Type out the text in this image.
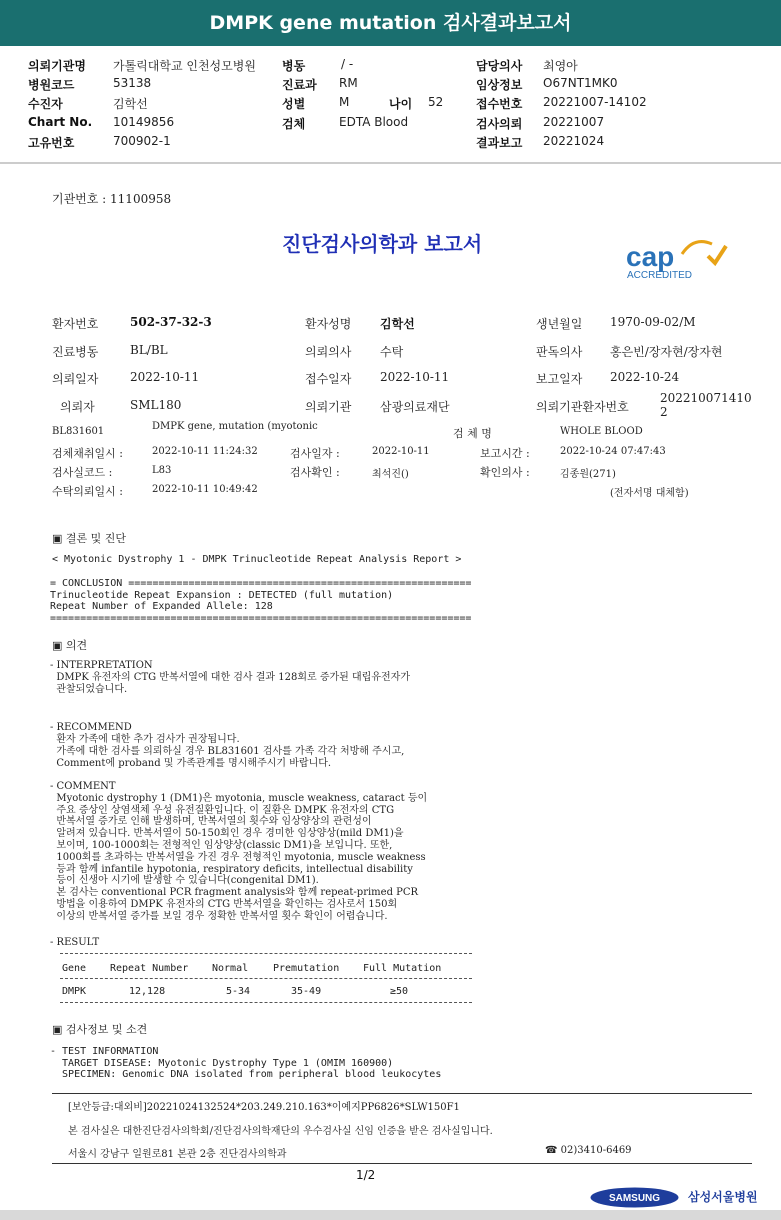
DMPK gene mutation 검사결과보고서
의뢰기관명 가톨릭대학교 인천성모병원
병원코드	53138
수진자	김학선
Chart No. 10149856
고유번호	700902-1
병동	/ -
진료과 RM
성별	M	나이 52
검체	EDTA Blood
담당의사 최영아
임상정보 O67NT1MK0
접수번호 20221007-14102
검사의뢰 20221007
결과보고 20221024
기관번호 : 11100958
진단검사의학과 보고서	cap
ACCREDITED
환자번호	502-37-32-3	환자성명 김학선	생년월일 1970-09-02/M
진료병동	BL/BL	의뢰의사 수탁	판독의사 홍은빈/장자현/장자현
의뢰일자	2022-10-11	접수일자 2022-10-11	보고일자 2022-10-24
의뢰자	SML180	의뢰기관 삼광의료재단	의뢰기관환자번호
202210071410
2
BL831601	DMPK gene, mutation (myotonic
검 체 명	WHOLE BLOOD
검체채취일시 :	2022-10-11 11:24:32	검사일자 :	2022-10-11	보고시간 :	2022-10-24 07:47:43
검사실코드 :	L83	검사확인 :	최석진()	확인의사 :	김종원(271)
수탁의뢰일시 :	2022-10-11 10:49:42	(전자서명 대체함)
▣ 결론 및 진단
< Myotonic Dystrophy 1 - DMPK Trinucleotide Repeat Analysis Report >
= CONCLUSION =========================================================
Trinucleotide Repeat Expansion : DETECTED (full mutation)
Repeat Number of Expanded Allele: 128
======================================================================
▣ 의견
- INTERPRETATION
DMPK 유전자의 CTG 반복서열에 대한 검사 결과 128회로 증가된 대립유전자가
관찰되었습니다.
- RECOMMEND
환자 가족에 대한 추가 검사가 권장됩니다.
가족에 대한 검사를 의뢰하실 경우 BL831601 검사를 가족 각각 처방해 주시고,
Comment에 proband 및 가족관계를 명시해주시기 바랍니다.
- COMMENT
Myotonic dystrophy 1 (DM1)은 myotonia, muscle weakness, cataract 등이
주요 증상인 상염색체 우성 유전질환입니다. 이 질환은 DMPK 유전자의 CTG
반복서열 증가로 인해 발생하며, 반복서열의 횟수와 임상양상의 관련성이
알려져 있습니다. 반복서열이 50-150회인 경우 경미한 임상양상(mild DM1)을
보이며, 100-1000회는 전형적인 임상양상(classic DM1)을 보입니다. 또한,
1000회를 초과하는 반복서열을 가진 경우 전형적인 myotonia, muscle weakness
등과 함께 infantile hypotonia, respiratory deficits, intellectual disability
등이 신생아 시기에 발생할 수 있습니다(congenital DM1).
본 검사는 conventional PCR fragment analysis와 함께 repeat-primed PCR
방법을 이용하여 DMPK 유전자의 CTG 반복서열을 확인하는 검사로서 150회
이상의 반복서열 증가를 보일 경우 정확한 반복서열 횟수 확인이 어렵습니다.
- RESULT
Gene Repeat Number Normal Premutation Full Mutation
DMPK	12,128	5-34	35-49	≥50
▣ 검사정보 및 소견
- TEST INFORMATION
TARGET DISEASE: Myotonic Dystrophy Type 1 (OMIM 160900)
SPECIMEN: Genomic DNA isolated from peripheral blood leukocytes
[보안등급:대외비]20221024132524*203.249.210.163*이예지PP6826*SLW150F1
본 검사실은 대한진단검사의학회/진단검사의학재단의 우수검사실 신임 인증을 받은 검사실입니다.
서울시 강남구 일원로81 본관 2층 진단검사의학과	☎ 02)3410-6469
1/2
SAMSUNG 삼성서울병원
